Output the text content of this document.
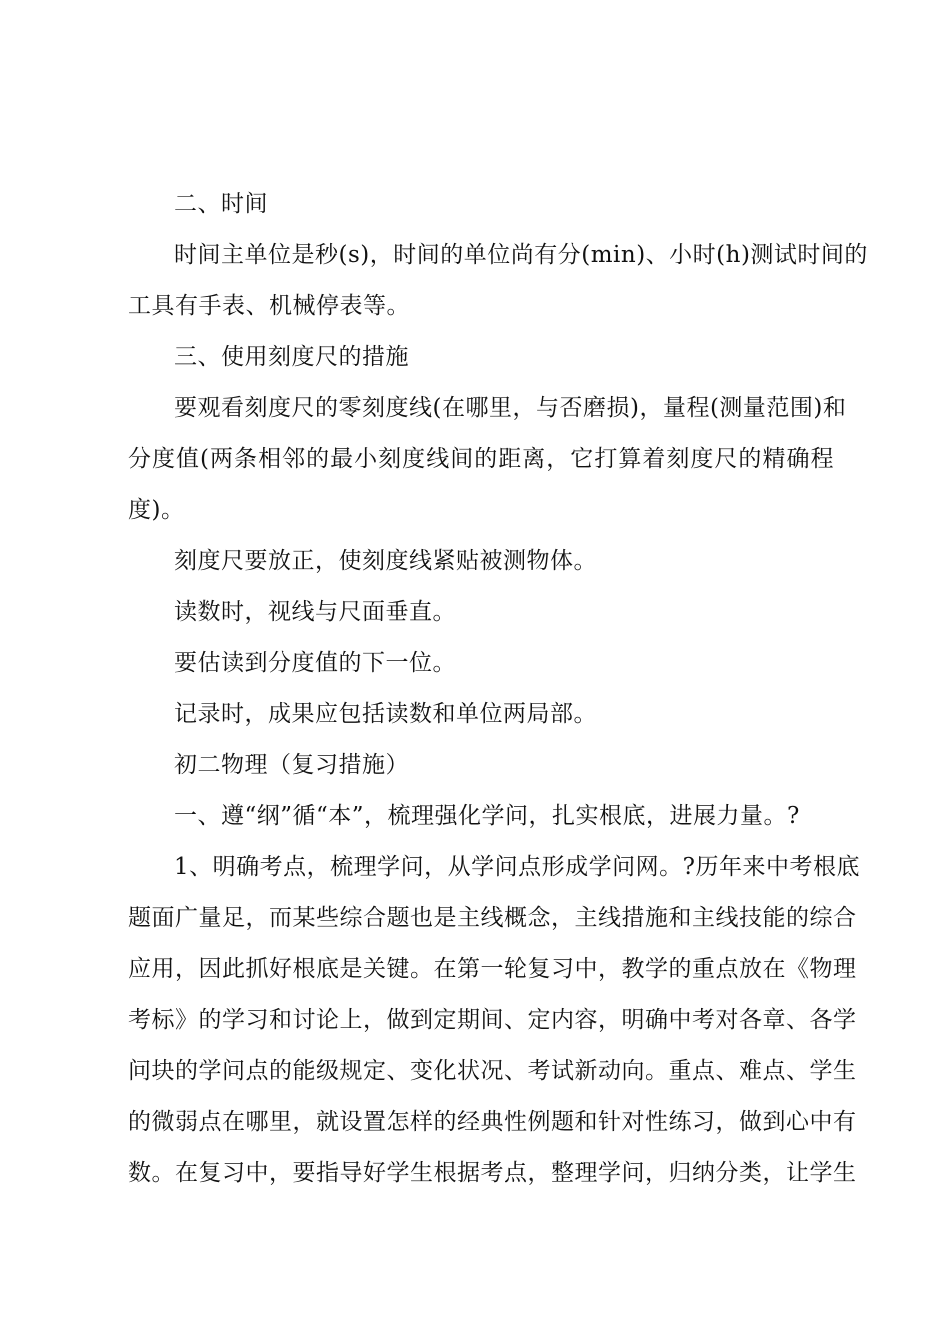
二、时间

时间主单位是秒(s)，时间的单位尚有分(min)、小时(h)测试时间的

工具有手表、机械停表等。

三、使用刻度尺的措施

要观看刻度尺的零刻度线(在哪里，与否磨损)，量程(测量范围)和

分度值(两条相邻的最小刻度线间的距离，它打算着刻度尺的精确程

度)。

刻度尺要放正，使刻度线紧贴被测物体。

读数时，视线与尺面垂直。

要估读到分度值的下一位。

记录时，成果应包括读数和单位两局部。

初二物理（复习措施）

一、遵“纲”循“本”，梳理强化学问，扎实根底，进展力量。?

1、明确考点，梳理学问，从学问点形成学问网。?历年来中考根底

题面广量足，而某些综合题也是主线概念，主线措施和主线技能的综合

应用，因此抓好根底是关键。在第一轮复习中，教学的重点放在《物理

考标》的学习和讨论上，做到定期间、定内容，明确中考对各章、各学

问块的学问点的能级规定、变化状况、考试新动向。重点、难点、学生

的微弱点在哪里，就设置怎样的经典性例题和针对性练习，做到心中有

数。在复习中，要指导好学生根据考点，整理学问，归纳分类，让学生
